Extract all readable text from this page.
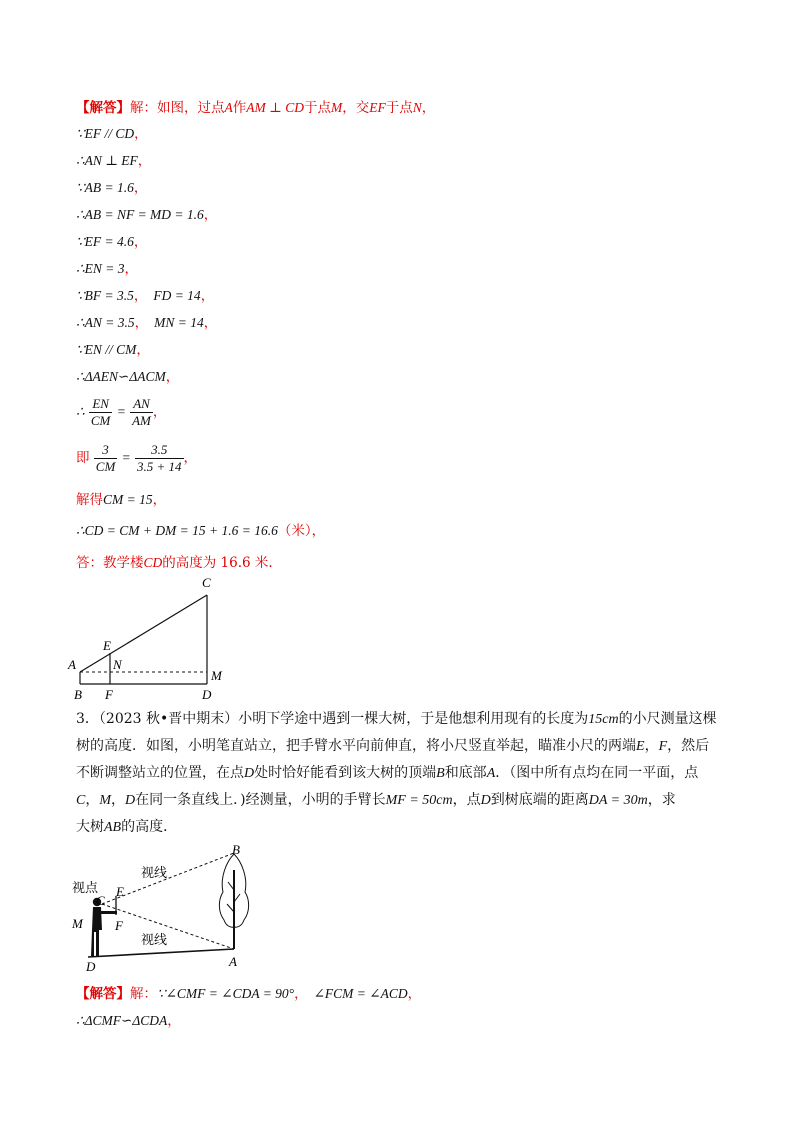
【解答】解：如图，过点A作AM ⊥ CD于点M，交EF于点N，
∵EF // CD，
∴AN ⊥ EF，
∵AB = 1.6，
∴AB = NF = MD = 1.6，
∵EF = 4.6，
∴EN = 3，
∵BF = 3.5， FD = 14，
∴AN = 3.5， MN = 14，
∵EN // CM，
∴ΔAEN∽ΔACM，
∴ $\frac{EN}{CM} = \frac{AN}{AM}$ ，
即 $\frac{3}{CM} = \frac{3.5}{3.5 + 14}$ ，
解得CM = 15，
∴CD = CM + DM = 15 + 1.6 = 16.6（米），
答：教学楼CD的高度为 16.6 米.
C
E
N
A
M
B F	D
3．（2023 秋•晋中期末）小明下学途中遇到一棵大树，于是他想利用现有的长度为15cm的小尺测量这棵
树的高度．如图，小明笔直站立，把手臂水平向前伸直，将小尺竖直举起，瞄准小尺的两端E，F，然后
不断调整站立的位置，在点D处时恰好能看到该大树的顶端B和底部A．（图中所有点均在同一平面，点
C，M，D在同一条直线上．)经测量，小明的手臂长MF = 50cm，点D到树底端的距离DA = 30m，求
大树AB的高度．
B
视点
视线
视线
E
C
F
M
D	A
【解答】解：∵∠CMF = ∠CDA = 90°， ∠FCM = ∠ACD，
∴ΔCMF∽ΔCDA，
